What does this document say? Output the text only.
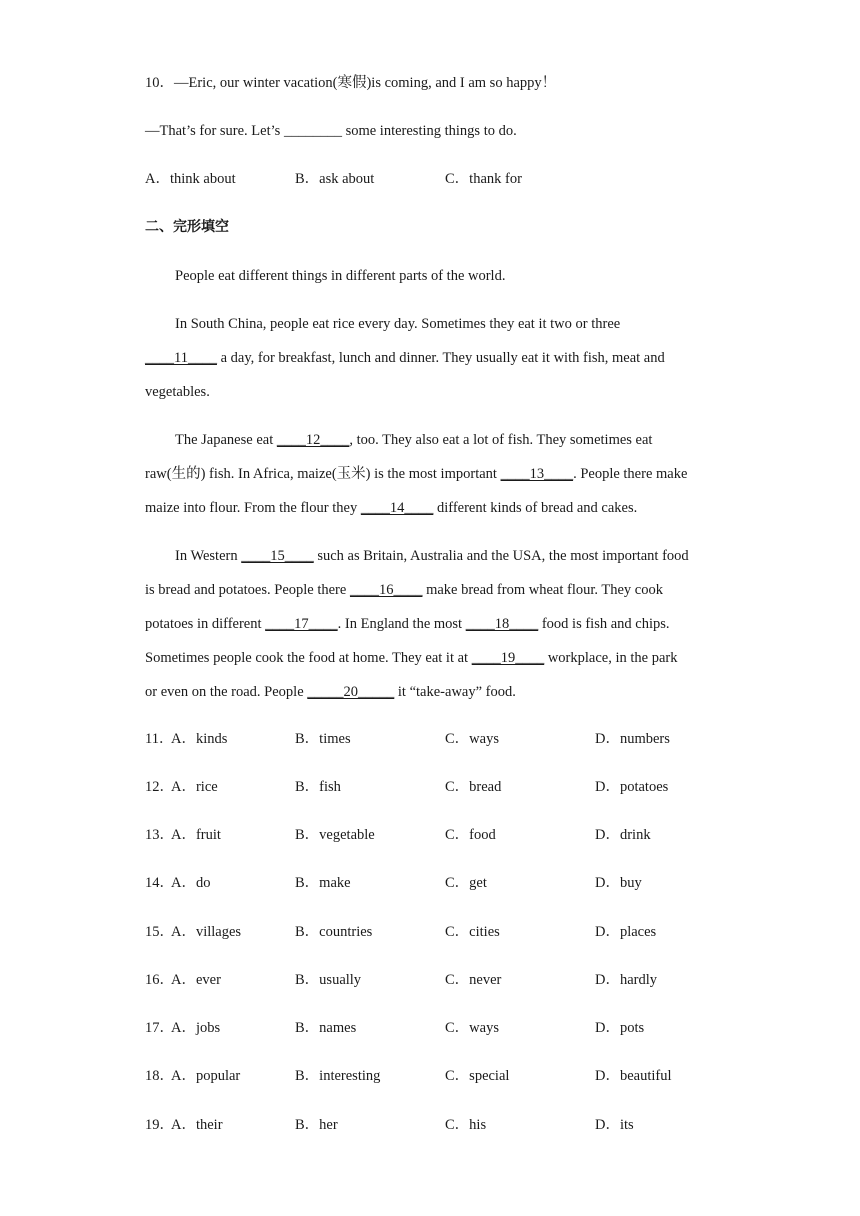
10．—Eric, our winter vacation(寒假)is coming, and I am so happy！
—That’s for sure. Let’s ________ some interesting things to do.
A．think about	B．ask about	C．thank for
二、完形填空
People eat different things in different parts of the world.
In South China, people eat rice every day. Sometimes they eat it two or three
____11____ a day, for breakfast, lunch and dinner. They usually eat it with fish, meat and
vegetables.
The Japanese eat ____12____, too. They also eat a lot of fish. They sometimes eat
raw(生的) fish. In Africa, maize(玉米) is the most important ____13____. People there make
maize into flour. From the flour they ____14____ different kinds of bread and cakes.
In Western ____15____ such as Britain, Australia and the USA, the most important food
is bread and potatoes. People there ____16____ make bread from wheat flour. They cook
potatoes in different ____17____. In England the most ____18____ food is fish and chips.
Sometimes people cook the food at home. They eat it at ____19____ workplace, in the park
or even on the road. People _____20_____ it “take-away” food.
11．
A．kinds	B．times	C．ways	D．numbers
12．
A．rice	B．fish	C．bread	D．potatoes
13．
A．fruit	B．vegetable	C．food	D．drink
14．
A．do	B．make	C．get	D．buy
15．
A．villages	B．countries	C．cities	D．places
16．
A．ever	B．usually	C．never	D．hardly
17．
A．jobs	B．names	C．ways	D．pots
18．
A．popular	B．interesting	C．special	D．beautiful
19．
A．their	B．her	C．his	D．its
